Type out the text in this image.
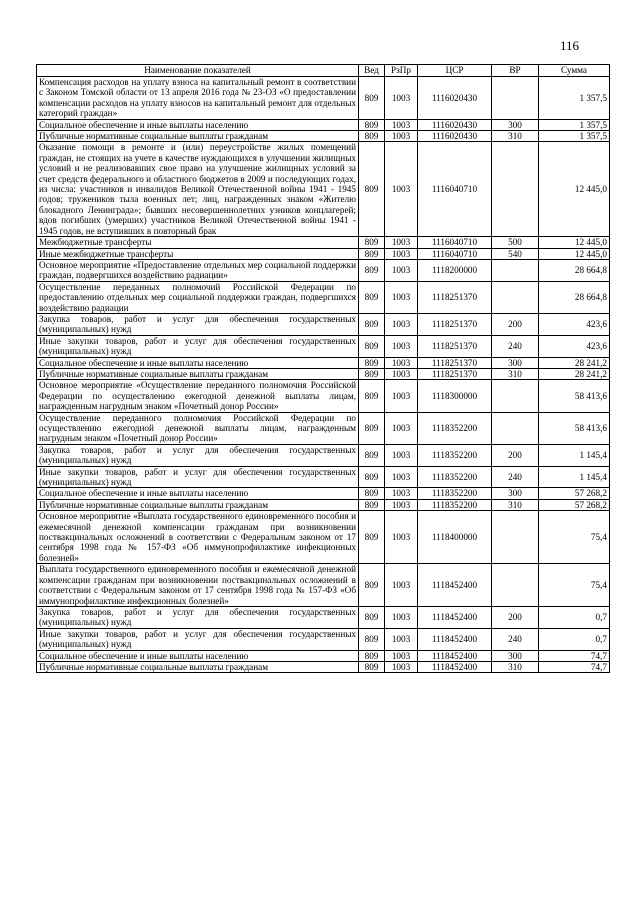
116
Наименование показателей	Вед	РзПр	ЦСР	ВР	Сумма
Компенсация расходов на уплату взноса на капитальный ремонт в соответствии с Законом Томской области от 13 апреля 2016 года № 23-ОЗ «О предоставлении компенсации расходов на уплату взносов на капитальный ремонт для отдельных категорий граждан»	809	1003	1116020430		1 357,5
Социальное обеспечение и иные выплаты населению	809	1003	1116020430	300	1 357,5
Публичные нормативные социальные выплаты гражданам	809	1003	1116020430	310	1 357,5
Оказание помощи в ремонте и (или) переустройстве жилых помещений граждан, не стоящих на учете в качестве нуждающихся в улучшении жилищных условий и не реализовавших свое право на улучшение жилищных условий за счет средств федерального и областного бюджетов в 2009 и последующих годах, из числа: участников и инвалидов Великой Отечественной войны 1941 - 1945 годов; тружеников тыла военных лет; лиц, награжденных знаком «Жителю блокадного Ленинграда»; бывших несовершеннолетних узников концлагерей; вдов погибших (умерших) участников Великой Отечественной войны 1941 - 1945 годов, не вступивших в повторный брак	809	1003	1116040710		12 445,0
Межбюджетные трансферты	809	1003	1116040710	500	12 445,0
Иные межбюджетные трансферты	809	1003	1116040710	540	12 445,0
Основное мероприятие «Предоставление отдельных мер социальной поддержки граждан, подвергшихся воздействию радиации»	809	1003	1118200000		28 664,8
Осуществление переданных полномочий Российской Федерации по предоставлению отдельных мер социальной поддержки граждан, подвергшихся воздействию радиации	809	1003	1118251370		28 664,8
Закупка товаров, работ и услуг для обеспечения государственных (муниципальных) нужд	809	1003	1118251370	200	423,6
Иные закупки товаров, работ и услуг для обеспечения государственных (муниципальных) нужд	809	1003	1118251370	240	423,6
Социальное обеспечение и иные выплаты населению	809	1003	1118251370	300	28 241,2
Публичные нормативные социальные выплаты гражданам	809	1003	1118251370	310	28 241,2
Основное мероприятие «Осуществление переданного полномочия Российской Федерации по осуществлению ежегодной денежной выплаты лицам, награжденным нагрудным знаком «Почетный донор России»	809	1003	1118300000		58 413,6
Осуществление переданного полномочия Российской Федерации по осуществлению ежегодной денежной выплаты лицам, награжденным нагрудным знаком «Почетный донор России»	809	1003	1118352200		58 413,6
Закупка товаров, работ и услуг для обеспечения государственных (муниципальных) нужд	809	1003	1118352200	200	1 145,4
Иные закупки товаров, работ и услуг для обеспечения государственных (муниципальных) нужд	809	1003	1118352200	240	1 145,4
Социальное обеспечение и иные выплаты населению	809	1003	1118352200	300	57 268,2
Публичные нормативные социальные выплаты гражданам	809	1003	1118352200	310	57 268,2
Основное мероприятие «Выплата государственного единовременного пособия и ежемесячной денежной компенсации гражданам при возникновении поствакцинальных осложнений в соответствии с Федеральным законом от 17 сентября 1998 года № 157-ФЗ «Об иммунопрофилактике инфекционных болезней»	809	1003	1118400000		75,4
Выплата государственного единовременного пособия и ежемесячной денежной компенсации гражданам при возникновении поствакцинальных осложнений в соответствии с Федеральным законом от 17 сентября 1998 года № 157-ФЗ «Об иммунопрофилактике инфекционных болезней»	809	1003	1118452400		75,4
Закупка товаров, работ и услуг для обеспечения государственных (муниципальных) нужд	809	1003	1118452400	200	0,7
Иные закупки товаров, работ и услуг для обеспечения государственных (муниципальных) нужд	809	1003	1118452400	240	0,7
Социальное обеспечение и иные выплаты населению	809	1003	1118452400	300	74,7
Публичные нормативные социальные выплаты гражданам	809	1003	1118452400	310	74,7
